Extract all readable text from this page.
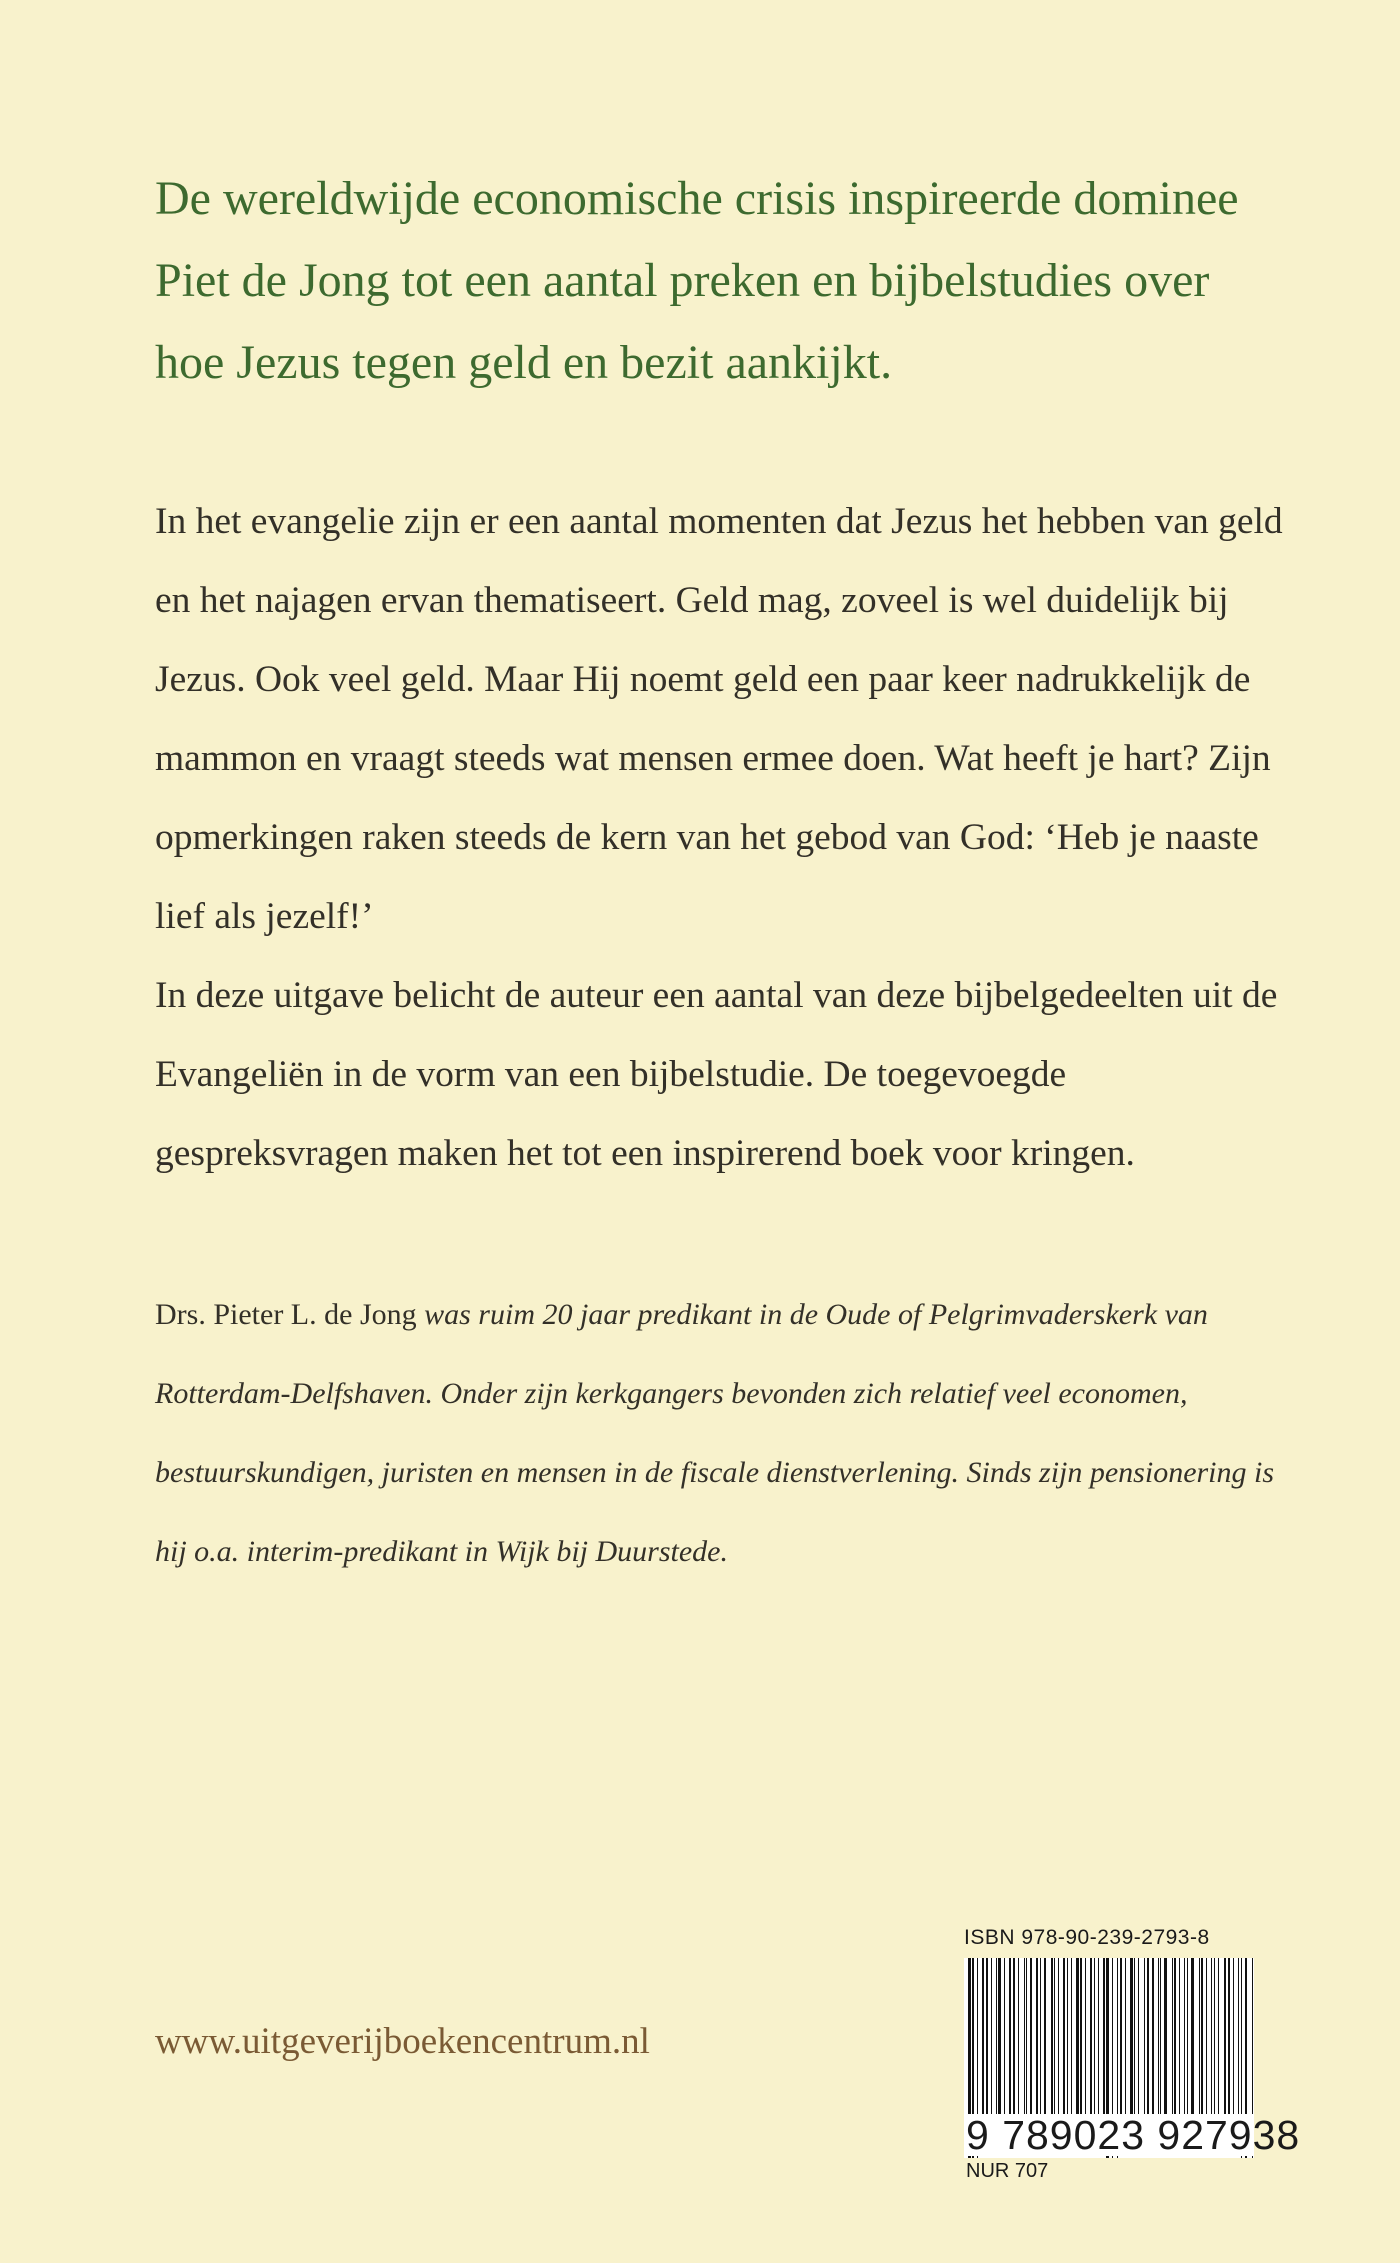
De wereldwijde economische crisis inspireerde dominee Piet de Jong tot een aantal preken en bijbelstudies over hoe Jezus tegen geld en bezit aankijkt.

In het evangelie zijn er een aantal momenten dat Jezus het hebben van geld en het najagen ervan thematiseert. Geld mag, zoveel is wel duidelijk bij Jezus. Ook veel geld. Maar Hij noemt geld een paar keer nadrukkelijk de mammon en vraagt steeds wat mensen ermee doen. Wat heeft je hart? Zijn opmerkingen raken steeds de kern van het gebod van God: ‘Heb je naaste lief als jezelf!’

In deze uitgave belicht de auteur een aantal van deze bijbelgedeelten uit de Evangeliën in de vorm van een bijbelstudie. De toegevoegde gespreksvragen maken het tot een inspirerend boek voor kringen.

Drs. Pieter L. de Jong was ruim 20 jaar predikant in de Oude of Pelgrimvaderskerk van Rotterdam-Delfshaven. Onder zijn kerkgangers bevonden zich relatief veel economen, bestuurskundigen, juristen en mensen in de fiscale dienstverlening. Sinds zijn pensionering is hij o.a. interim-predikant in Wijk bij Duurstede.

www.uitgeverijboekencentrum.nl
ISBN 978-90-239-2793-8
9 789023 927938
NUR 707
